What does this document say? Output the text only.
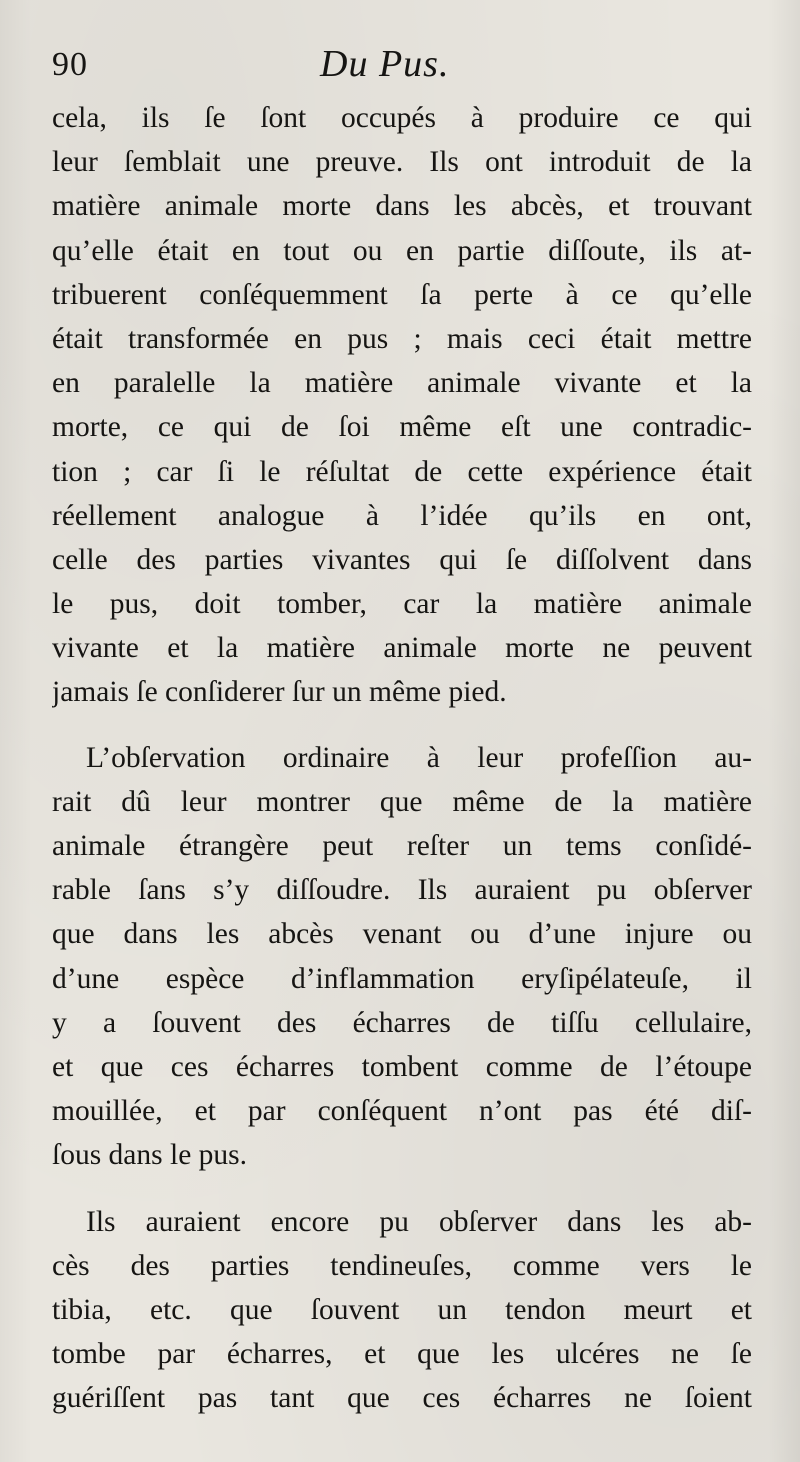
90	Du Pus.
cela, ils ſe ſont occupés à produire ce qui
leur ſemblait une preuve. Ils ont introduit de la
matière animale morte dans les abcès, et trouvant
qu’elle était en tout ou en partie diſſoute, ils at-
tribuerent conſéquemment ſa perte à ce qu’elle
était transformée en pus ; mais ceci était mettre
en paralelle la matière animale vivante et la
morte, ce qui de ſoi même eſt une contradic-
tion ; car ſi le réſultat de cette expérience était
réellement analogue à l’idée qu’ils en ont,
celle des parties vivantes qui ſe diſſolvent dans
le pus, doit tomber, car la matière animale
vivante et la matière animale morte ne peuvent
jamais ſe conſiderer ſur un même pied.
L’obſervation ordinaire à leur profeſſion au-
rait dû leur montrer que même de la matière
animale étrangère peut reſter un tems conſidé-
rable ſans s’y diſſoudre. Ils auraient pu obſerver
que dans les abcès venant ou d’une injure ou
d’une espèce d’inflammation eryſipélateuſe, il
y a ſouvent des écharres de tiſſu cellulaire,
et que ces écharres tombent comme de l’étoupe
mouillée, et par conſéquent n’ont pas été diſ-
ſous dans le pus.
Ils auraient encore pu obſerver dans les ab-
cès des parties tendineuſes, comme vers le
tibia, etc. que ſouvent un tendon meurt et
tombe par écharres, et que les ulcéres ne ſe
guériſſent pas tant que ces écharres ne ſoient
